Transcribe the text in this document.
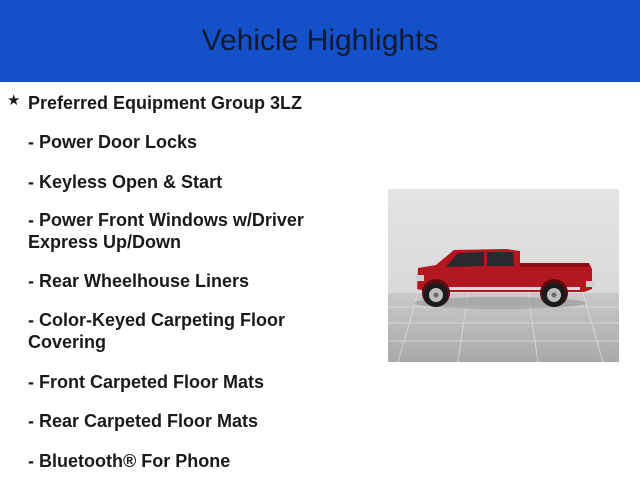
Vehicle Highlights
★ Preferred Equipment Group 3LZ
- Power Door Locks
- Keyless Open & Start
- Power Front Windows w/Driver Express Up/Down
- Rear Wheelhouse Liners
- Color-Keyed Carpeting Floor Covering
- Front Carpeted Floor Mats
- Rear Carpeted Floor Mats
- Bluetooth® For Phone
